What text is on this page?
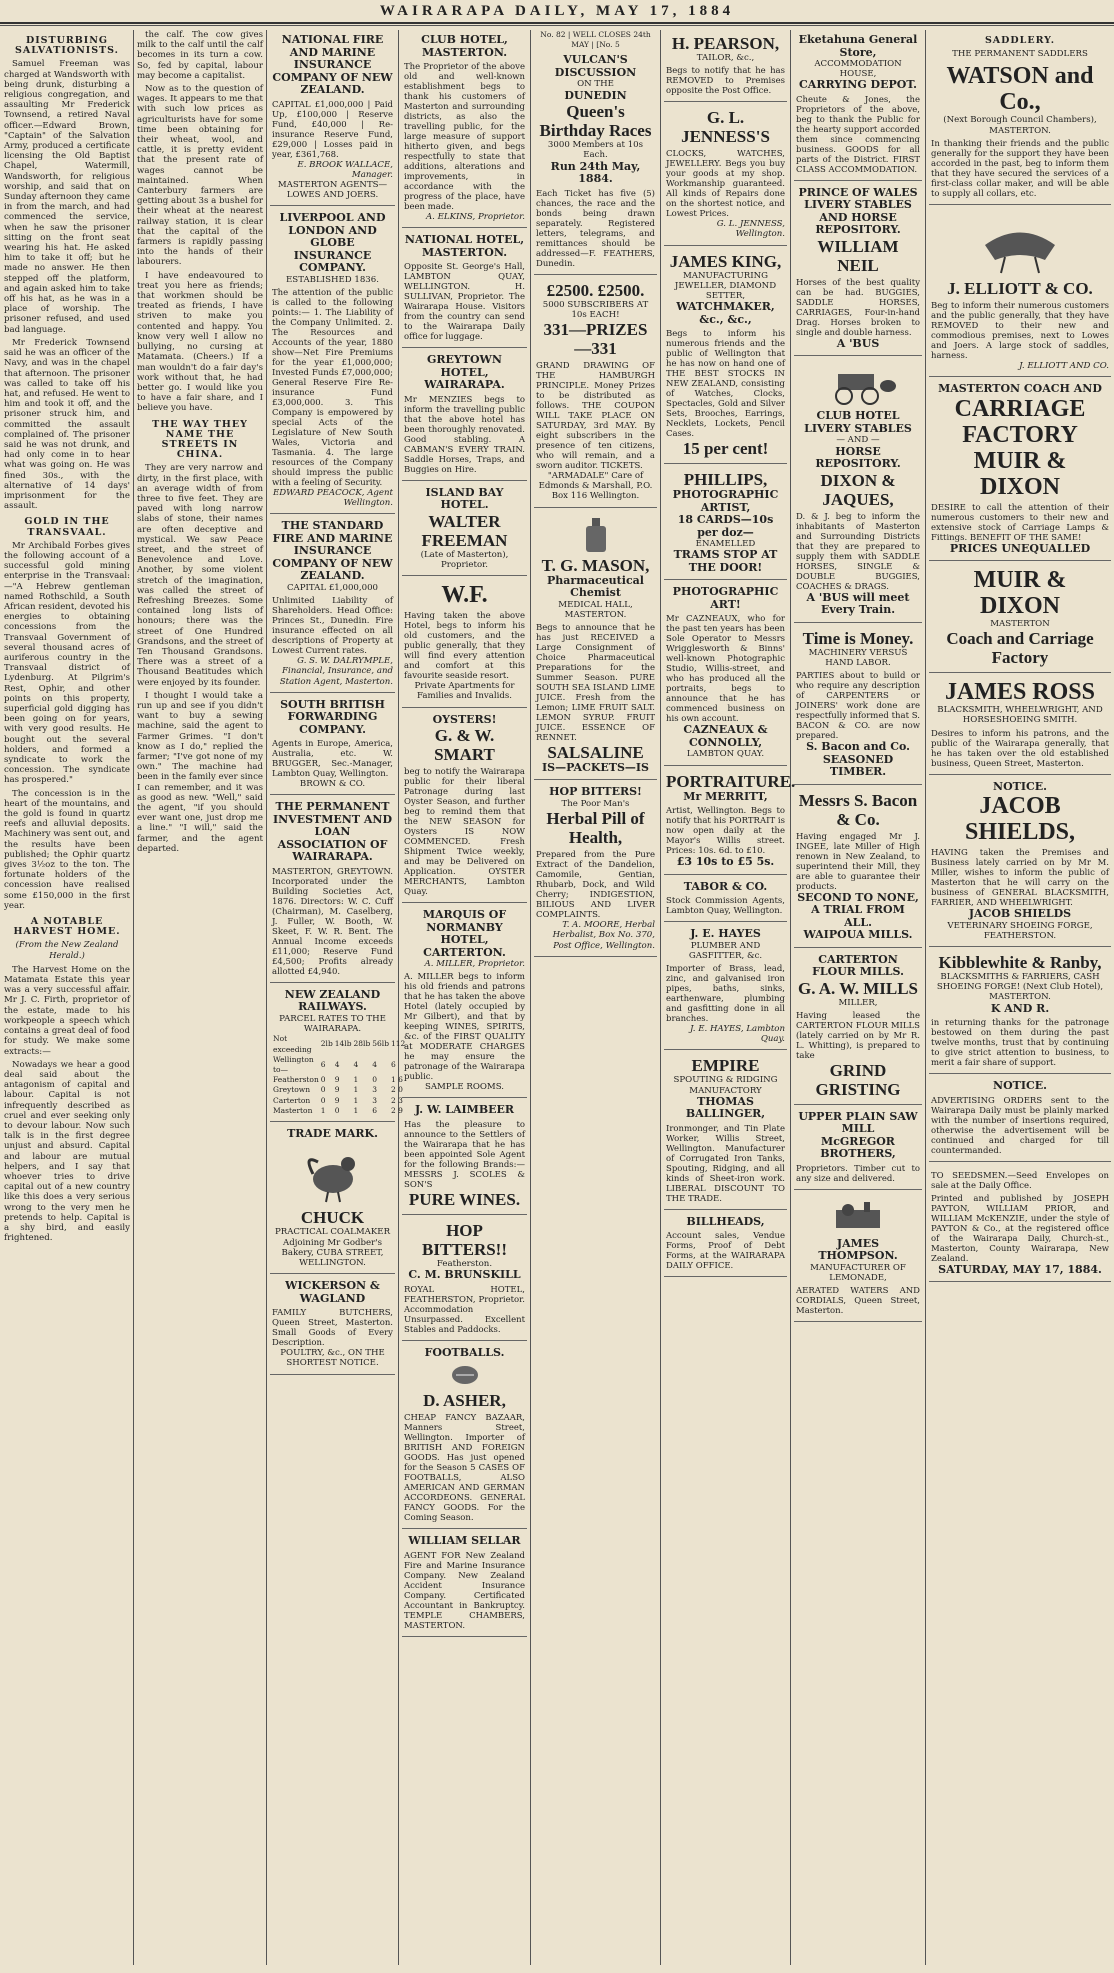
WAIRARAPA DAILY, MAY 17, 1884
DISTURBING SALVATIONISTS.

Samuel Freeman was charged at Wandsworth with being drunk, disturbing a religious congregation, and assaulting Mr Frederick Townsend, a retired Naval officer.—Edward Brown, "Captain" of the Salvation Army, produced a certificate licensing the Old Baptist Chapel, Watermill, Wandsworth, for religious worship, and said that on Sunday afternoon they came in from the march, and had commenced the service, when he saw the prisoner sitting on the front seat wearing his hat. He asked him to take it off; but he made no answer. He then stepped off the platform, and again asked him to take off his hat, as he was in a place of worship. The prisoner refused, and used bad language.

Mr Frederick Townsend said he was an officer of the Navy, and was in the chapel that afternoon. The prisoner was called to take off his hat, and refused. He went to him and took it off, and the prisoner struck him, and committed the assault complained of. The prisoner said he was not drunk, and had only come in to hear what was going on. He was fined 30s., with the alternative of 14 days' imprisonment for the assault.

GOLD IN THE TRANSVAAL.

Mr Archibald Forbes gives the following account of a successful gold mining enterprise in the Transvaal:—"A Hebrew gentleman named Rothschild, a South African resident, devoted his energies to obtaining concessions from the Transvaal Government of several thousand acres of auriferous country in the Transvaal district of Lydenburg. At Pilgrim's Rest, Ophir, and other points on this property, superficial gold digging has been going on for years, with very good results. He bought out the several holders, and formed a syndicate to work the concession. The syndicate has prospered."

The concession is in the heart of the mountains, and the gold is found in quartz reefs and alluvial deposits. Machinery was sent out, and the results have been published; the Ophir quartz gives 3½oz to the ton. The fortunate holders of the concession have realised some £150,000 in the first year.

A NOTABLE HARVEST HOME.
(From the New Zealand Herald.)

The Harvest Home on the Matamata Estate this year was a very successful affair. Mr J. C. Firth, proprietor of the estate, made to his workpeople a speech which contains a great deal of food for study. We make some extracts:—

Nowadays we hear a good deal said about the antagonism of capital and labour. Capital is not infrequently described as cruel and ever seeking only to devour labour. Now such talk is in the first degree unjust and absurd. Capital and labour are mutual helpers, and I say that whoever tries to drive capital out of a new country like this does a very serious wrong to the very men he pretends to help. Capital is a shy bird, and easily frightened.

the calf. The cow gives milk to the calf until the calf becomes in its turn a cow. So, fed by capital, labour may become a capitalist.

Now as to the question of wages. It appears to me that with such low prices as agriculturists have for some time been obtaining for their wheat, wool, and cattle, it is pretty evident that the present rate of wages cannot be maintained. When Canterbury farmers are getting about 3s a bushel for their wheat at the nearest railway station, it is clear that the capital of the farmers is rapidly passing into the hands of their labourers.

I have endeavoured to treat you here as friends; that workmen should be treated as friends, I have striven to make you contented and happy. You know very well I allow no bullying, no cursing at Matamata. (Cheers.) If a man wouldn't do a fair day's work without that, he had better go. I would like you to have a fair share, and I believe you have.

THE WAY THEY NAME THE STREETS IN CHINA.

They are very narrow and dirty, in the first place, with an average width of from three to five feet. They are paved with long narrow slabs of stone, their names are often deceptive and mystical. We saw Peace street, and the street of Benevolence and Love. Another, by some violent stretch of the imagination, was called the street of Refreshing Breezes. Some contained long lists of honours; there was the street of One Hundred Grandsons, and the street of Ten Thousand Grandsons. There was a street of a Thousand Beatitudes which were enjoyed by its founder.

I thought I would take a run up and see if you didn't want to buy a sewing machine, said the agent to Farmer Grimes. "I don't know as I do," replied the farmer; "I've got none of my own." The machine had been in the family ever since I can remember, and it was as good as new. "Well," said the agent, "if you should ever want one, just drop me a line." "I will," said the farmer, and the agent departed.

NATIONAL FIRE AND MARINE INSURANCE COMPANY OF NEW ZEALAND.
CAPITAL £1,000,000 | Paid Up, £100,000 | Reserve Fund, £40,000 | Re-insurance Reserve Fund, £29,000 | Losses paid in year, £361,768.
E. BROOK WALLACE, Manager.
MASTERTON AGENTS—LOWES AND JOERS.
LIVERPOOL AND LONDON AND GLOBE INSURANCE COMPANY.
ESTABLISHED 1836.
The attention of the public is called to the following points:— 1. The Liability of the Company Unlimited. 2. The Resources and Accounts of the year, 1880 show—Net Fire Premiums for the year £1,000,000; Invested Funds £7,000,000; General Reserve Fire Re-insurance Fund £3,000,000. 3. This Company is empowered by special Acts of the Legislature of New South Wales, Victoria and Tasmania. 4. The large resources of the Company should impress the public with a feeling of Security.
EDWARD PEACOCK, Agent Wellington.
THE STANDARD FIRE AND MARINE INSURANCE COMPANY OF NEW ZEALAND.
CAPITAL £1,000,000
Unlimited Liability of Shareholders. Head Office: Princes St., Dunedin. Fire insurance effected on all descriptions of Property at Lowest Current rates.
G. S. W. DALRYMPLE, Financial, Insurance, and Station Agent, Masterton.
SOUTH BRITISH FORWARDING COMPANY.
Agents in Europe, America, Australia, etc. W. BRUGGER, Sec.-Manager, Lambton Quay, Wellington.
BROWN & CO.
THE PERMANENT INVESTMENT AND LOAN ASSOCIATION OF WAIRARAPA.
MASTERTON, GREYTOWN. Incorporated under the Building Societies Act, 1876. Directors: W. C. Cuff (Chairman), M. Caselberg, J. Fuller, W. Booth, W. Skeet, F. W. R. Bent. The Annual Income exceeds £11,000; Reserve Fund £4,500; Profits already allotted £4,940.
NEW ZEALAND RAILWAYS.
PARCEL RATES TO THE WAIRARAPA.
Not exceeding	2lb	14lb	28lb	56lb	112
Wellington to—	6	4	4	4	6
Featherston	0	9	1	0	1 6
Greytown	0	9	1	3	2 0
Carterton	0	9	1	3	2 3
Masterton	1	0	1	6	2 9
TRADE MARK.
CHUCK
PRACTICAL COALMAKER
Adjoining Mr Godber's Bakery, CUBA STREET, WELLINGTON.
WICKERSON & WAGLAND
FAMILY BUTCHERS, Queen Street, Masterton. Small Goods of Every Description.
POULTRY, &c., ON THE SHORTEST NOTICE.
CLUB HOTEL, MASTERTON.
The Proprietor of the above old and well-known establishment begs to thank his customers of Masterton and surrounding districts, as also the travelling public, for the large measure of support hitherto given, and begs respectfully to state that additions, alterations and improvements, in accordance with the progress of the place, have been made.
A. ELKINS, Proprietor.
NATIONAL HOTEL, MASTERTON.
Opposite St. George's Hall, LAMBTON QUAY, WELLINGTON. H. SULLIVAN, Proprietor. The Wairarapa House. Visitors from the country can send to the Wairarapa Daily office for luggage.
GREYTOWN HOTEL, WAIRARAPA.
Mr MENZIES begs to inform the travelling public that the above hotel has been thoroughly renovated. Good stabling. A CABMAN'S EVERY TRAIN. Saddle Horses, Traps, and Buggies on Hire.
ISLAND BAY HOTEL.
WALTER FREEMAN
(Late of Masterton), Proprietor.
W.F.
Having taken the above Hotel, begs to inform his old customers, and the public generally, that they will find every attention and comfort at this favourite seaside resort.
Private Apartments for Families and Invalids.
OYSTERS!
G. & W. SMART
beg to notify the Wairarapa public for their liberal Patronage during last Oyster Season, and further beg to remind them that the NEW SEASON for Oysters IS NOW COMMENCED. Fresh Shipment Twice weekly, and may be Delivered on Application. OYSTER MERCHANTS, Lambton Quay.
MARQUIS OF NORMANBY HOTEL, CARTERTON.
A. MILLER, Proprietor.
A. MILLER begs to inform his old friends and patrons that he has taken the above Hotel (lately occupied by Mr Gilbert), and that by keeping WINES, SPIRITS, &c. of the FIRST QUALITY at MODERATE CHARGES he may ensure the patronage of the Wairarapa public.
SAMPLE ROOMS.
J. W. LAIMBEER
Has the pleasure to announce to the Settlers of the Wairarapa that he has been appointed Sole Agent for the following Brands:— MESSRS J. SCOLES & SON'S
PURE WINES.
HOP BITTERS!!
Featherston.
C. M. BRUNSKILL
ROYAL HOTEL, FEATHERSTON, Proprietor. Accommodation Unsurpassed. Excellent Stables and Paddocks.
FOOTBALLS.
D. ASHER,
CHEAP FANCY BAZAAR, Manners Street, Wellington. Importer of BRITISH AND FOREIGN GOODS. Has just opened for the Season 5 CASES OF FOOTBALLS, ALSO AMERICAN AND GERMAN ACCORDEONS. GENERAL FANCY GOODS. For the Coming Season.
WILLIAM SELLAR
AGENT FOR New Zealand Fire and Marine Insurance Company. New Zealand Accident Insurance Company. Certificated Accountant in Bankruptcy. TEMPLE CHAMBERS, MASTERTON.
No. 82 | WELL CLOSES 24th MAY | [No. 5
VULCAN'S DISCUSSION
ON THE
DUNEDIN
Queen's Birthday Races
3000 Members at 10s Each.
Run 24th May, 1884.
Each Ticket has five (5) chances, the race and the bonds being drawn separately. Registered letters, telegrams, and remittances should be addressed—F. FEATHERS, Dunedin.
£2500. £2500.
5000 SUBSCRIBERS AT 10s EACH!
331—PRIZES—331
GRAND DRAWING OF THE HAMBURGH PRINCIPLE. Money Prizes to be distributed as follows. THE COUPON WILL TAKE PLACE ON SATURDAY, 3rd MAY. By eight subscribers in the presence of ten citizens, who will remain, and a sworn auditor. TICKETS.
"ARMADALE" Care of Edmonds & Marshall, P.O. Box 116 Wellington.
T. G. MASON,
Pharmaceutical Chemist
MEDICAL HALL, MASTERTON.
Begs to announce that he has just RECEIVED a Large Consignment of Choice Pharmaceutical Preparations for the Summer Season. PURE SOUTH SEA ISLAND LIME JUICE. Fresh from the Lemon; LIME FRUIT SALT. LEMON SYRUP. FRUIT JUICE. ESSENCE OF RENNET.
SALSALINE
IS—PACKETS—IS
HOP BITTERS!
The Poor Man's
Herbal Pill of Health,
Prepared from the Pure Extract of the Dandelion, Camomile, Gentian, Rhubarb, Dock, and Wild Cherry; INDIGESTION, BILIOUS AND LIVER COMPLAINTS.
T. A. MOORE, Herbal Herbalist, Box No. 370, Post Office, Wellington.
H. PEARSON,
TAILOR, &c.,
Begs to notify that he has REMOVED to Premises opposite the Post Office.
G. L. JENNESS'S
CLOCKS, WATCHES, JEWELLERY. Begs you buy your goods at my shop. Workmanship guaranteed. All kinds of Repairs done on the shortest notice, and Lowest Prices.
G. L. JENNESS, Wellington.
JAMES KING,
MANUFACTURING JEWELLER, DIAMOND SETTER,
WATCHMAKER, &c., &c.,
Begs to inform his numerous friends and the public of Wellington that he has now on hand one of THE BEST STOCKS IN NEW ZEALAND, consisting of Watches, Clocks, Spectacles, Gold and Silver Sets, Brooches, Earrings, Necklets, Lockets, Pencil Cases.
15 per cent!
PHILLIPS,
PHOTOGRAPHIC ARTIST,
18 CARDS—10s per doz—
ENAMELLED
TRAMS STOP AT THE DOOR!
PHOTOGRAPHIC ART!
Mr CAZNEAUX, who for the past ten years has been Sole Operator to Messrs Wrigglesworth & Binns' well-known Photographic Studio, Willis-street, and who has produced all the portraits, begs to announce that he has commenced business on his own account.
CAZNEAUX & CONNOLLY,
LAMBTON QUAY.
PORTRAITURE.
Mr MERRITT,
Artist, Wellington. Begs to notify that his PORTRAIT is now open daily at the Mayor's Willis street. Prices: 10s. 6d. to £10.
£3 10s to £5 5s.
TABOR & CO.
Stock Commission Agents, Lambton Quay, Wellington.
J. E. HAYES
PLUMBER AND GASFITTER, &c.
Importer of Brass, lead, zinc, and galvanised iron pipes, baths, sinks, earthenware, plumbing and gasfitting done in all branches.
J. E. HAYES, Lambton Quay.
EMPIRE
SPOUTING & RIDGING MANUFACTORY
THOMAS BALLINGER,
Ironmonger, and Tin Plate Worker, Willis Street, Wellington. Manufacturer of Corrugated Iron Tanks, Spouting, Ridging, and all kinds of Sheet-iron work. LIBERAL DISCOUNT TO THE TRADE.
BILLHEADS,
Account sales, Vendue Forms, Proof of Debt Forms, at the WAIRARAPA DAILY OFFICE.
Eketahuna General Store,
ACCOMMODATION HOUSE,
CARRYING DEPOT.
Cheute & Jones, the Proprietors of the above, beg to thank the Public for the hearty support accorded them since commencing business. GOODS for all parts of the District. FIRST CLASS ACCOMMODATION.
PRINCE OF WALES LIVERY STABLES AND HORSE REPOSITORY.
WILLIAM NEIL
Horses of the best quality can be had. BUGGIES, SADDLE HORSES, CARRIAGES, Four-in-hand Drag. Horses broken to single and double harness.
A 'BUS
CLUB HOTEL LIVERY STABLES
— AND —
HORSE REPOSITORY.
DIXON & JAQUES,
D. & J. beg to inform the inhabitants of Masterton and Surrounding Districts that they are prepared to supply them with SADDLE HORSES, SINGLE & DOUBLE BUGGIES, COACHES & DRAGS.
A 'BUS will meet Every Train.
Time is Money.
MACHINERY VERSUS HAND LABOR.
PARTIES about to build or who require any description of CARPENTERS or JOINERS' work done are respectfully informed that S. BACON & CO. are now prepared.
S. Bacon and Co.
SEASONED TIMBER.
Messrs S. Bacon & Co.
Having engaged Mr J. INGEE, late Miller of High renown in New Zealand, to superintend their Mill, they are able to guarantee their products.
SECOND TO NONE,
A TRIAL FROM ALL.
WAIPOUA MILLS.
CARTERTON FLOUR MILLS.
G. A. W. MILLS
MILLER,
Having leased the CARTERTON FLOUR MILLS (lately carried on by Mr R. L. Whitting), is prepared to take
GRIND GRISTING
UPPER PLAIN SAW MILL
McGREGOR BROTHERS,
Proprietors. Timber cut to any size and delivered.
JAMES THOMPSON.
MANUFACTURER OF LEMONADE,
AERATED WATERS AND CORDIALS, Queen Street, Masterton.
SADDLERY.
THE PERMANENT SADDLERS
WATSON and Co.,
(Next Borough Council Chambers), MASTERTON.
In thanking their friends and the public generally for the support they have been accorded in the past, beg to inform them that they have secured the services of a first-class collar maker, and will be able to supply all collars, etc.
J. ELLIOTT & CO.
Beg to inform their numerous customers and the public generally, that they have REMOVED to their new and commodious premises, next to Lowes and Joers. A large stock of saddles, harness.
J. ELLIOTT AND CO.
MASTERTON COACH AND
CARRIAGE FACTORY
MUIR & DIXON
DESIRE to call the attention of their numerous customers to their new and extensive stock of Carriage Lamps & Fittings. BENEFIT OF THE SAME!
PRICES UNEQUALLED
MUIR & DIXON
MASTERTON
Coach and Carriage Factory
JAMES ROSS
BLACKSMITH, WHEELWRIGHT, AND HORSESHOEING SMITH.
Desires to inform his patrons, and the public of the Wairarapa generally, that he has taken over the old established business, Queen Street, Masterton.
NOTICE.
JACOB SHIELDS,
HAVING taken the Premises and Business lately carried on by Mr M. Miller, wishes to inform the public of Masterton that he will carry on the business of GENERAL BLACKSMITH, FARRIER, AND WHEELWRIGHT.
JACOB SHIELDS
VETERINARY SHOEING FORGE, FEATHERSTON.
Kibblewhite & Ranby,
BLACKSMITHS & FARRIERS, CASH SHOEING FORGE! (Next Club Hotel), MASTERTON.
K AND R.
in returning thanks for the patronage bestowed on them during the past twelve months, trust that by continuing to give strict attention to business, to merit a fair share of support.
NOTICE.
ADVERTISING ORDERS sent to the Wairarapa Daily must be plainly marked with the number of insertions required, otherwise the advertisement will be continued and charged for till countermanded.
TO SEEDSMEN.—Seed Envelopes on sale at the Daily Office.
Printed and published by JOSEPH PAYTON, WILLIAM PRIOR, and WILLIAM McKENZIE, under the style of PAYTON & Co., at the registered office of the Wairarapa Daily, Church-st., Masterton, County Wairarapa, New Zealand.
SATURDAY, MAY 17, 1884.
